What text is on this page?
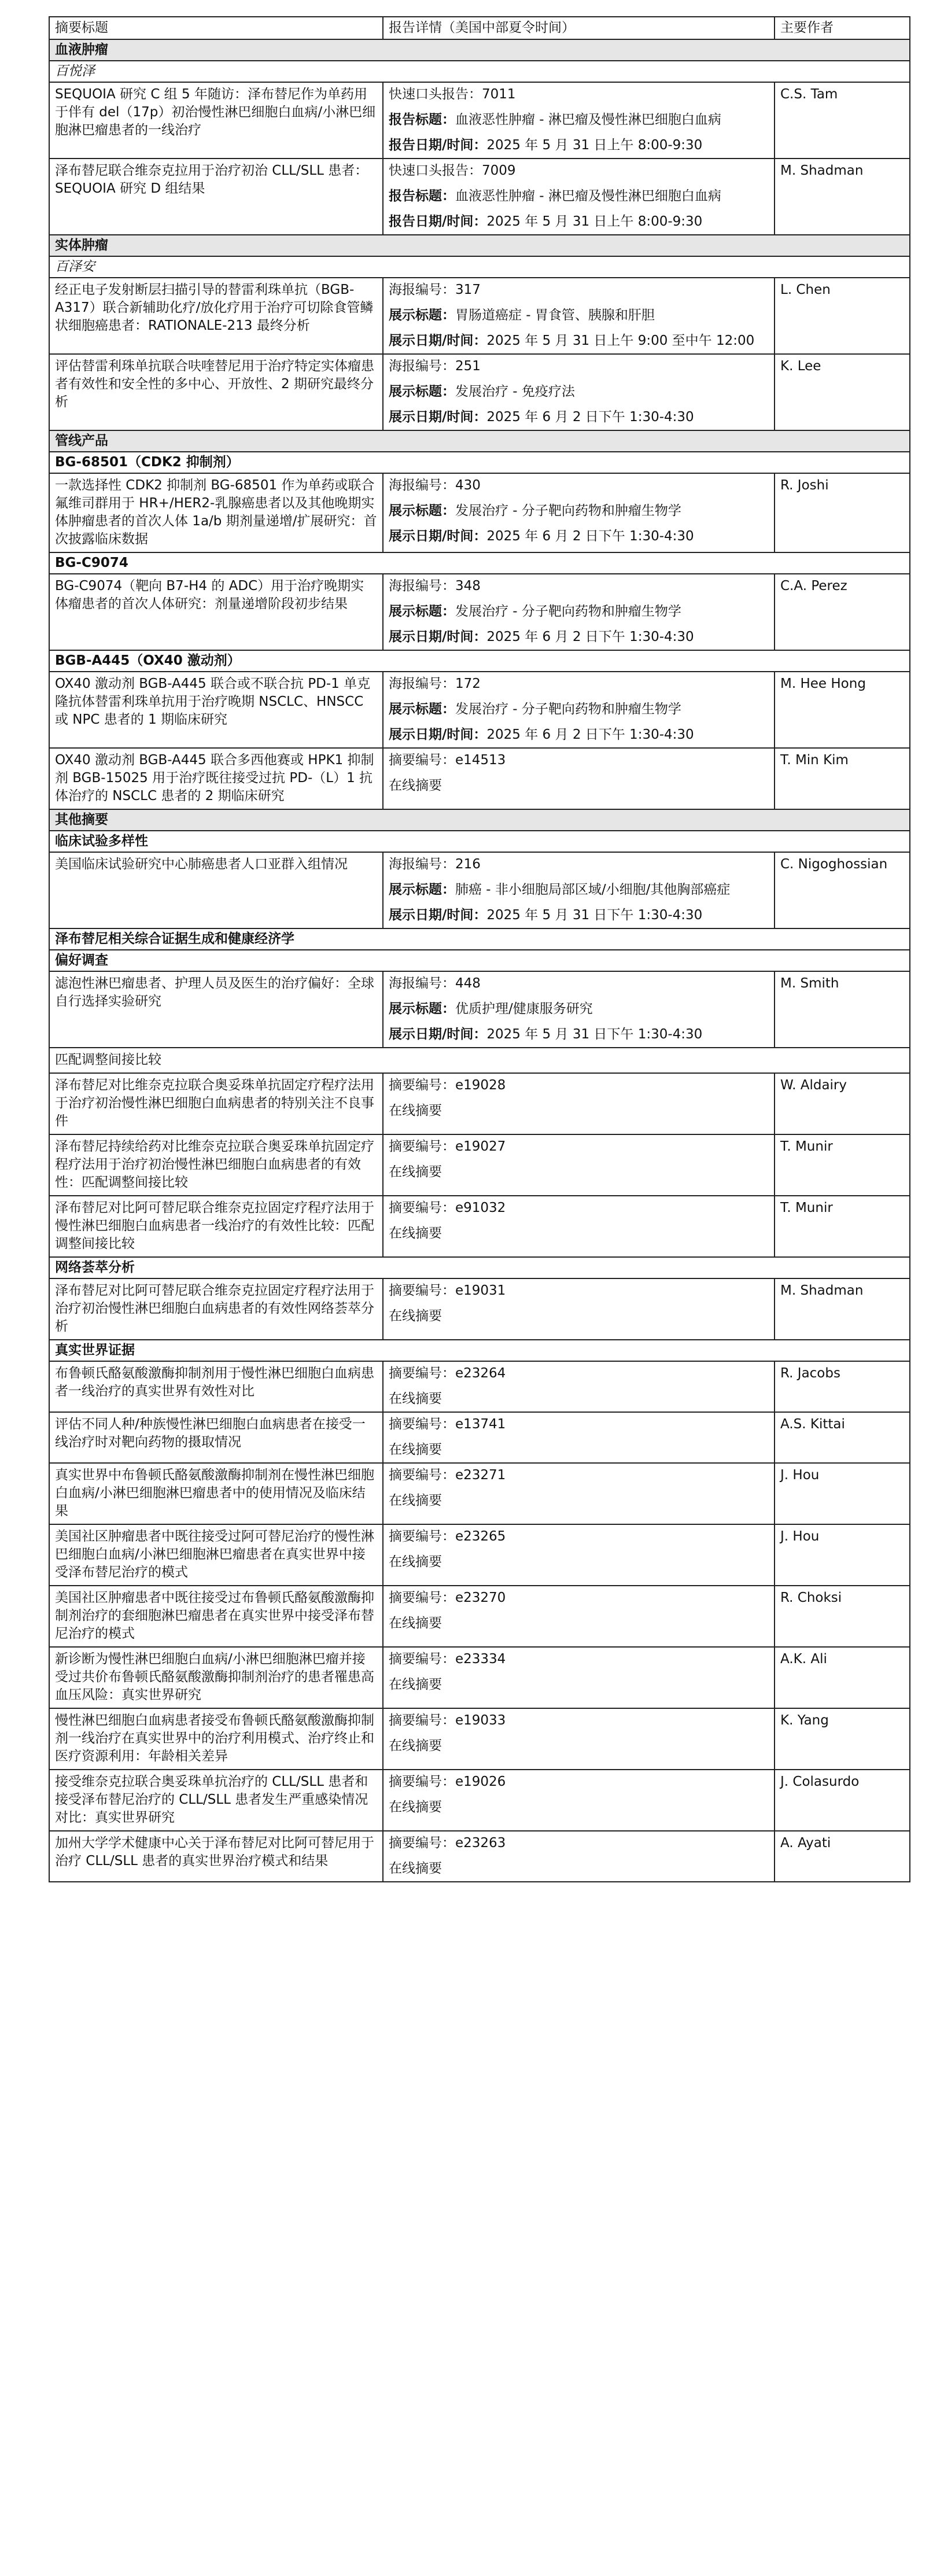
摘要标题	报告详情（美国中部夏令时间）	主要作者
血液肿瘤		
百悦泽		
SEQUOIA 研究 C 组 5 年随访：泽布替尼作为单药用于伴有 del（17p）初治慢性淋巴细胞白血病/小淋巴细胞淋巴瘤患者的一线治疗	快速口头报告：7011
报告标题：血液恶性肿瘤 - 淋巴瘤及慢性淋巴细胞白血病
报告日期/时间：2025 年 5 月 31 日上午 8:00-9:30	C.S. Tam
泽布替尼联合维奈克拉用于治疗初治 CLL/SLL 患者：SEQUOIA 研究 D 组结果	快速口头报告：7009
报告标题：血液恶性肿瘤 - 淋巴瘤及慢性淋巴细胞白血病
报告日期/时间：2025 年 5 月 31 日上午 8:00-9:30	M. Shadman
实体肿瘤		
百泽安		
经正电子发射断层扫描引导的替雷利珠单抗（BGB-A317）联合新辅助化疗/放化疗用于治疗可切除食管鳞状细胞癌患者：RATIONALE-213 最终分析	海报编号：317
展示标题：胃肠道癌症 - 胃食管、胰腺和肝胆
展示日期/时间：2025 年 5 月 31 日上午 9:00 至中午 12:00	L. Chen
评估替雷利珠单抗联合呋喹替尼用于治疗特定实体瘤患者有效性和安全性的多中心、开放性、2 期研究最终分析	海报编号：251
展示标题：发展治疗 - 免疫疗法
展示日期/时间：2025 年 6 月 2 日下午 1:30-4:30	K. Lee
管线产品		
BG-68501（CDK2 抑制剂）		
一款选择性 CDK2 抑制剂 BG-68501 作为单药或联合氟维司群用于 HR+/HER2-乳腺癌患者以及其他晚期实体肿瘤患者的首次人体 1a/b 期剂量递增/扩展研究：首次披露临床数据	海报编号：430
展示标题：发展治疗 - 分子靶向药物和肿瘤生物学
展示日期/时间：2025 年 6 月 2 日下午 1:30-4:30	R. Joshi
BG-C9074		
BG-C9074（靶向 B7-H4 的 ADC）用于治疗晚期实体瘤患者的首次人体研究：剂量递增阶段初步结果	海报编号：348
展示标题：发展治疗 - 分子靶向药物和肿瘤生物学
展示日期/时间：2025 年 6 月 2 日下午 1:30-4:30	C.A. Perez
BGB-A445（OX40 激动剂）		
OX40 激动剂 BGB-A445 联合或不联合抗 PD-1 单克隆抗体替雷利珠单抗用于治疗晚期 NSCLC、HNSCC 或 NPC 患者的 1 期临床研究	海报编号：172
展示标题：发展治疗 - 分子靶向药物和肿瘤生物学
展示日期/时间：2025 年 6 月 2 日下午 1:30-4:30	M. Hee Hong
OX40 激动剂 BGB-A445 联合多西他赛或 HPK1 抑制剂 BGB-15025 用于治疗既往接受过抗 PD-（L）1 抗体治疗的 NSCLC 患者的 2 期临床研究	摘要编号：e14513
在线摘要	T. Min Kim
其他摘要		
临床试验多样性		
美国临床试验研究中心肺癌患者人口亚群入组情况	海报编号：216
展示标题：肺癌 - 非小细胞局部区域/小细胞/其他胸部癌症
展示日期/时间：2025 年 5 月 31 日下午 1:30-4:30	C. Nigoghossian
泽布替尼相关综合证据生成和健康经济学		
偏好调查		
滤泡性淋巴瘤患者、护理人员及医生的治疗偏好：全球自行选择实验研究	海报编号：448
展示标题：优质护理/健康服务研究
展示日期/时间：2025 年 5 月 31 日下午 1:30-4:30	M. Smith
匹配调整间接比较		
泽布替尼对比维奈克拉联合奥妥珠单抗固定疗程疗法用于治疗初治慢性淋巴细胞白血病患者的特别关注不良事件	摘要编号：e19028
在线摘要	W. Aldairy
泽布替尼持续给药对比维奈克拉联合奥妥珠单抗固定疗程疗法用于治疗初治慢性淋巴细胞白血病患者的有效性：匹配调整间接比较	摘要编号：e19027
在线摘要	T. Munir
泽布替尼对比阿可替尼联合维奈克拉固定疗程疗法用于慢性淋巴细胞白血病患者一线治疗的有效性比较：匹配调整间接比较	摘要编号：e91032
在线摘要	T. Munir
网络荟萃分析		
泽布替尼对比阿可替尼联合维奈克拉固定疗程疗法用于治疗初治慢性淋巴细胞白血病患者的有效性网络荟萃分析	摘要编号：e19031
在线摘要	M. Shadman
真实世界证据		
布鲁顿氏酪氨酸激酶抑制剂用于慢性淋巴细胞白血病患者一线治疗的真实世界有效性对比	摘要编号：e23264
在线摘要	R. Jacobs
评估不同人种/种族慢性淋巴细胞白血病患者在接受一线治疗时对靶向药物的摄取情况	摘要编号：e13741
在线摘要	A.S. Kittai
真实世界中布鲁顿氏酪氨酸激酶抑制剂在慢性淋巴细胞白血病/小淋巴细胞淋巴瘤患者中的使用情况及临床结果	摘要编号：e23271
在线摘要	J. Hou
美国社区肿瘤患者中既往接受过阿可替尼治疗的慢性淋巴细胞白血病/小淋巴细胞淋巴瘤患者在真实世界中接受泽布替尼治疗的模式	摘要编号：e23265
在线摘要	J. Hou
美国社区肿瘤患者中既往接受过布鲁顿氏酪氨酸激酶抑制剂治疗的套细胞淋巴瘤患者在真实世界中接受泽布替尼治疗的模式	摘要编号：e23270
在线摘要	R. Choksi
新诊断为慢性淋巴细胞白血病/小淋巴细胞淋巴瘤并接受过共价布鲁顿氏酪氨酸激酶抑制剂治疗的患者罹患高血压风险：真实世界研究	摘要编号：e23334
在线摘要	A.K. Ali
慢性淋巴细胞白血病患者接受布鲁顿氏酪氨酸激酶抑制剂一线治疗在真实世界中的治疗利用模式、治疗终止和医疗资源利用：年龄相关差异	摘要编号：e19033
在线摘要	K. Yang
接受维奈克拉联合奥妥珠单抗治疗的 CLL/SLL 患者和接受泽布替尼治疗的 CLL/SLL 患者发生严重感染情况对比：真实世界研究	摘要编号：e19026
在线摘要	J. Colasurdo
加州大学学术健康中心关于泽布替尼对比阿可替尼用于治疗 CLL/SLL 患者的真实世界治疗模式和结果	摘要编号：e23263
在线摘要	A. Ayati
